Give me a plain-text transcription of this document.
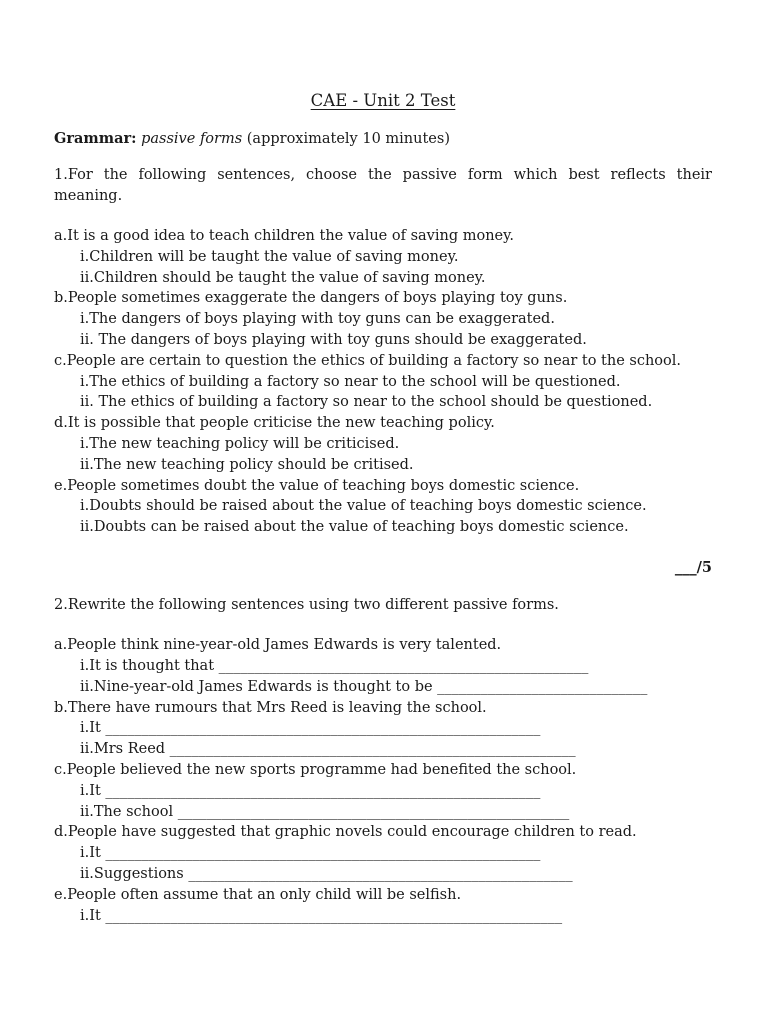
CAE - Unit 2 Test
Grammar: passive forms (approximately 10 minutes)

1.For the following sentences, choose the passive form which best reflects their meaning.

a.It is a good idea to teach children the value of saving money.

i.Children will be taught the value of saving money.

ii.Children should be taught the value of saving money.

b.People sometimes exaggerate the dangers of boys playing toy guns.

i.The dangers of boys playing with toy guns can be exaggerated.

ii. The dangers of boys playing with toy guns should be exaggerated.

c.People are certain to question the ethics of building a factory so near to the school.

i.The ethics of building a factory so near to the school will be questioned.

ii. The ethics of building a factory so near to the school should be questioned.

d.It is possible that people criticise the new teaching policy.

i.The new teaching policy will be criticised.

ii.The new teaching policy should be critised.

e.People sometimes doubt the value of teaching boys domestic science.

i.Doubts should be raised about the value of teaching boys domestic science.

ii.Doubts can be raised about the value of teaching boys domestic science.

___/5

2.Rewrite the following sentences using two different passive forms.

a.People think nine-year-old James Edwards is very talented.

i.It is thought that ___________________________________________________

ii.Nine-year-old James Edwards is thought to be _____________________________

b.There have rumours that Mrs Reed is leaving the school.

i.It ____________________________________________________________

ii.Mrs Reed ________________________________________________________

c.People believed the new sports programme had benefited the school.

i.It ____________________________________________________________

ii.The school ______________________________________________________

d.People have suggested that graphic novels could encourage children to read.

i.It ____________________________________________________________

ii.Suggestions _____________________________________________________

e.People often assume that an only child will be selfish.

i.It _______________________________________________________________
